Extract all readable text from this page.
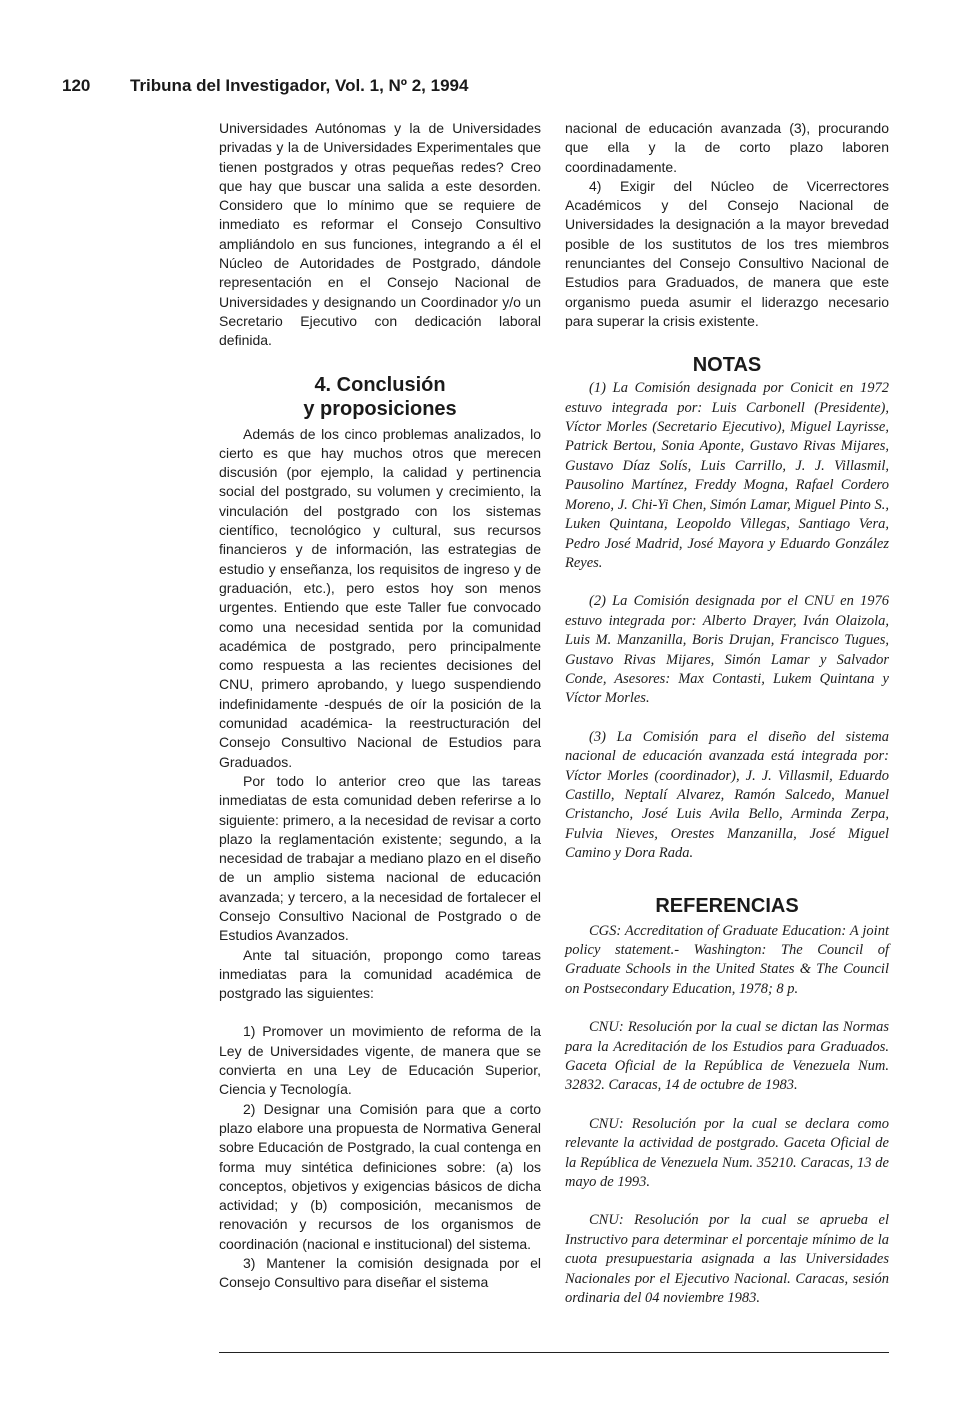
120 Tribuna del Investigador, Vol. 1, Nº 2, 1994

Universidades Autónomas y la de Universidades privadas y la de Universidades Experimentales que tienen postgrados y otras pequeñas redes? Creo que hay que buscar una salida a este desorden. Considero que lo mínimo que se requiere de inmediato es reformar el Consejo Consultivo ampliándolo en sus funciones, integrando a él el Núcleo de Autoridades de Postgrado, dándole representación en el Consejo Nacional de Universidades y designando un Coordinador y/o un Secretario Ejecutivo con dedicación laboral definida.

4. Conclusión
y proposiciones

Además de los cinco problemas analizados, lo cierto es que hay muchos otros que merecen discusión (por ejemplo, la calidad y pertinencia social del postgrado, su volumen y crecimiento, la vinculación del postgrado con los sistemas científico, tecnológico y cultural, sus recursos financieros y de información, las estrategias de estudio y enseñanza, los requisitos de ingreso y de graduación, etc.), pero estos hoy son menos urgentes. Entiendo que este Taller fue convocado como una necesidad sentida por la comunidad académica de postgrado, pero principalmente como respuesta a las recientes decisiones del CNU, primero aprobando, y luego suspendiendo indefinidamente -después de oír la posición de la comunidad académica- la reestructuración del Consejo Consultivo Nacional de Estudios para Graduados.

Por todo lo anterior creo que las tareas inmediatas de esta comunidad deben referirse a lo siguiente: primero, a la necesidad de revisar a corto plazo la reglamentación existente; segundo, a la necesidad de trabajar a mediano plazo en el diseño de un amplio sistema nacional de educación avanzada; y tercero, a la necesidad de fortalecer el Consejo Consultivo Nacional de Postgrado o de Estudios Avanzados.

Ante tal situación, propongo como tareas inmediatas para la comunidad académica de postgrado las siguientes:

1) Promover un movimiento de reforma de la Ley de Universidades vigente, de manera que se convierta en una Ley de Educación Superior, Ciencia y Tecnología.

2) Designar una Comisión para que a corto plazo elabore una propuesta de Normativa General sobre Educación de Postgrado, la cual contenga en forma muy sintética definiciones sobre: (a) los conceptos, objetivos y exigencias básicos de dicha actividad; y (b) composición, mecanismos de renovación y recursos de los organismos de coordinación (nacional e institucional) del sistema.

3) Mantener la comisión designada por el Consejo Consultivo para diseñar el sistema

nacional de educación avanzada (3), procurando que ella y la de corto plazo laboren coordinadamente.

4) Exigir del Núcleo de Vicerrectores Académicos y del Consejo Nacional de Universidades la designación a la mayor brevedad posible de los sustitutos de los tres miembros renunciantes del Consejo Consultivo Nacional de Estudios para Graduados, de manera que este organismo pueda asumir el liderazgo necesario para superar la crisis existente.

NOTAS

(1) La Comisión designada por Conicit en 1972 estuvo integrada por: Luis Carbonell (Presidente), Víctor Morles (Secretario Ejecutivo), Miguel Layrisse, Patrick Bertou, Sonia Aponte, Gustavo Rivas Mijares, Gustavo Díaz Solís, Luis Carrillo, J. J. Villasmil, Pausolino Martínez, Freddy Mogna, Rafael Cordero Moreno, J. Chi-Yi Chen, Simón Lamar, Miguel Pinto S., Luken Quintana, Leopoldo Villegas, Santiago Vera, Pedro José Madrid, José Mayora y Eduardo González Reyes.

(2) La Comisión designada por el CNU en 1976 estuvo integrada por: Alberto Drayer, Iván Olaizola, Luis M. Manzanilla, Boris Drujan, Francisco Tugues, Gustavo Rivas Mijares, Simón Lamar y Salvador Conde, Asesores: Max Contasti, Lukem Quintana y Víctor Morles.

(3) La Comisión para el diseño del sistema nacional de educación avanzada está integrada por: Víctor Morles (coordinador), J. J. Villasmil, Eduardo Castillo, Neptalí Alvarez, Ramón Salcedo, Manuel Cristancho, José Luis Avila Bello, Arminda Zerpa, Fulvia Nieves, Orestes Manzanilla, José Miguel Camino y Dora Rada.

REFERENCIAS

CGS: Accreditation of Graduate Education: A joint policy statement.- Washington: The Council of Graduate Schools in the United States & The Council on Postsecondary Education, 1978; 8 p.

CNU: Resolución por la cual se dictan las Normas para la Acreditación de los Estudios para Graduados. Gaceta Oficial de la República de Venezuela Num. 32832. Caracas, 14 de octubre de 1983.

CNU: Resolución por la cual se declara como relevante la actividad de postgrado. Gaceta Oficial de la República de Venezuela Num. 35210. Caracas, 13 de mayo de 1993.

CNU: Resolución por la cual se aprueba el Instructivo para determinar el porcentaje mínimo de la cuota presupuestaria asignada a las Universidades Nacionales por el Ejecutivo Nacional. Caracas, sesión ordinaria del 04 noviembre 1983.
